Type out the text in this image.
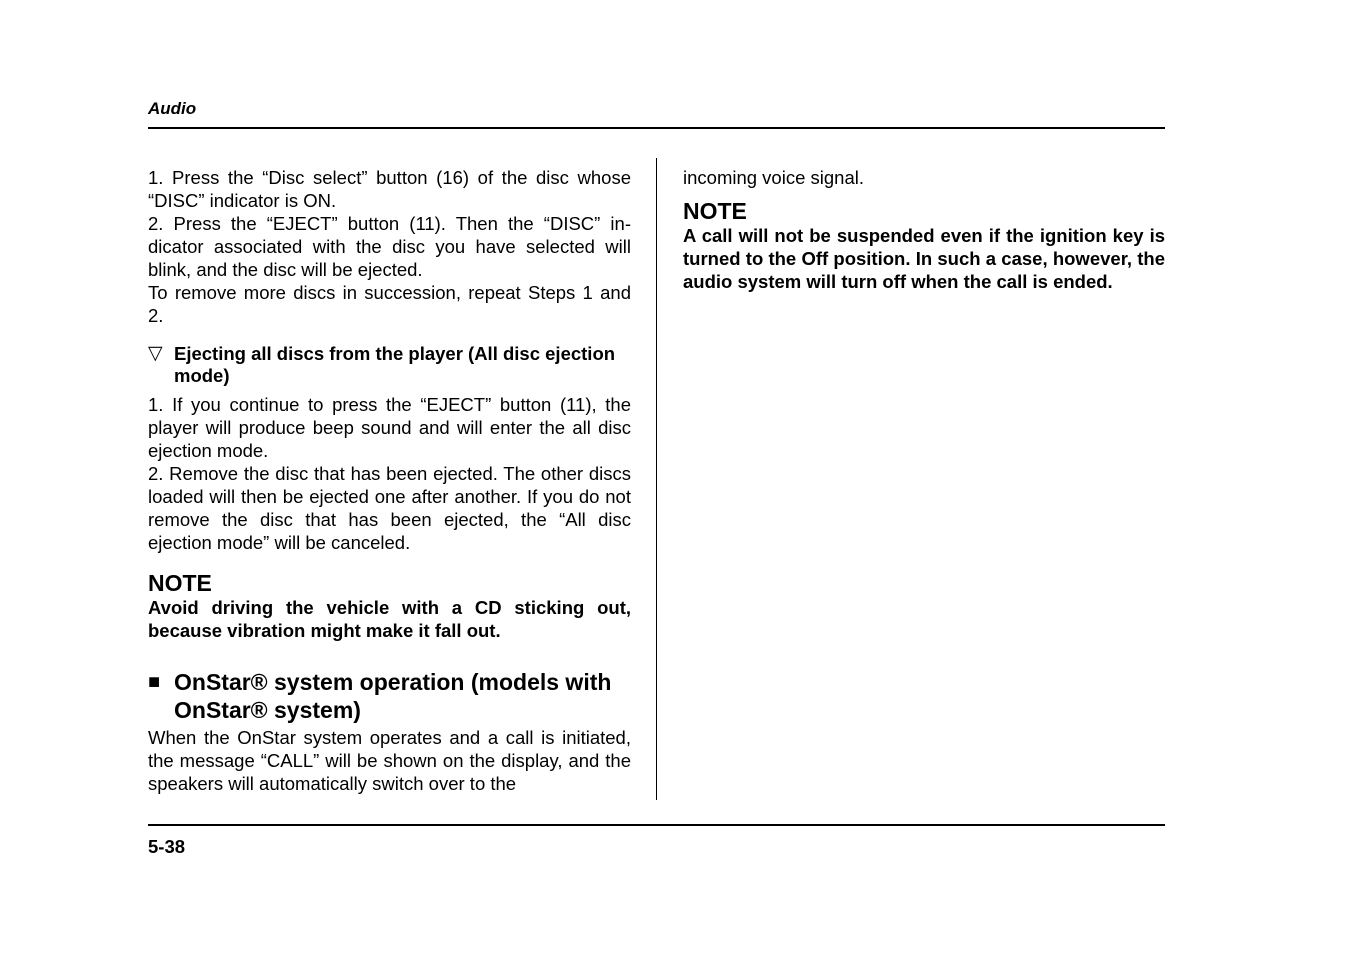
Audio

1. Press the “Disc select” button (16) of the disc whose “DISC” indicator is ON.

2. Press the “EJECT” button (11). Then the “DISC” indicator associated with the disc you have selected will blink, and the disc will be ejected.

To remove more discs in succession, repeat Steps 1 and 2.

▽ Ejecting all discs from the player (All disc ejection mode)

1. If you continue to press the “EJECT” button (11), the player will produce beep sound and will enter the all disc ejection mode.

2. Remove the disc that has been ejected. The other discs loaded will then be ejected one after another. If you do not remove the disc that has been ejected, the “All disc ejection mode” will be canceled.

NOTE
Avoid driving the vehicle with a CD sticking out, because vibration might make it fall out.
■ OnStar® system operation (models with OnStar® system)

When the OnStar system operates and a call is initiated, the message “CALL” will be shown on the display, and the speakers will automatically switch over to the

incoming voice signal.

NOTE
A call will not be suspended even if the ignition key is turned to the Off position. In such a case, however, the audio system will turn off when the call is ended.
5-38
